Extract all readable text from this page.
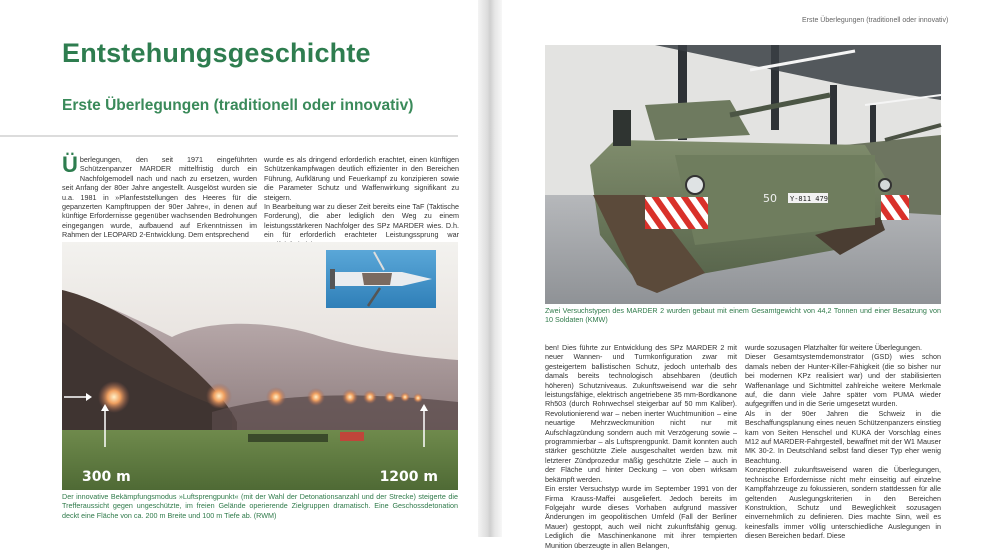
Entstehungsgeschichte
Erste Überlegungen (traditionell oder innovativ)

Überlegungen, den seit 1971 eingeführten Schützenpanzer MARDER mittelfristig durch ein Nachfolgemodell nach und nach zu ersetzen, wurden seit Anfang der 80er Jahre angestellt. Ausgelöst wurden sie u.a. 1981 in »Planfeststellungen des Heeres für die gepanzerten Kampftruppen der 90er Jahre«, in denen auf künftige Erfordernisse gegenüber wachsenden Bedrohungen eingegangen wurde, aufbauend auf Erkenntnissen im Rahmen der LEOPARD 2-Entwicklung. Dem entsprechend

wurde es als dringend erforderlich erachtet, einen künftigen Schützenkampfwagen deutlich effizienter in den Bereichen Führung, Aufklärung und Feuerkampf zu konzipieren sowie die Parameter Schutz und Waffenwirkung signifikant zu steigern.

In Bearbeitung war zu dieser Zeit bereits eine TaF (Taktische Forderung), die aber lediglich den Weg zu einem leistungsstärkeren Nachfolger des SPz MARDER wies. D.h. ein für erforderlich erachteter Leistungssprung war

300 m	1200 m
Der innovative Bekämpfungsmodus »Luftsprengpunkt« (mit der Wahl der Detonationsanzahl und der Strecke) steigerte die Trefferaussicht gegen ungeschützte, im freien Gelände operierende Zielgruppen dramatisch. Eine Geschossdetonation deckt eine Fläche von ca. 200 m Breite und 100 m Tiefe ab. (RWM)
Erste Überlegungen (traditionell oder innovativ)
50 Y-811 479
Zwei Versuchstypen des MARDER 2 wurden gebaut mit einem Gesamtgewicht von 44,2 Tonnen und einer Besatzung von 10 Soldaten (KMW)

ben! Dies führte zur Entwicklung des SPz MARDER 2 mit neuer Wannen- und Turmkonfiguration zwar mit gesteigertem ballistischen Schutz, jedoch unterhalb des damals bereits technologisch absehbaren (deutlich höheren) Schutzniveaus. Zukunftsweisend war die sehr leistungsfähige, elektrisch angetriebene 35 mm-Bordkanone Rh503 (durch Rohrwechsel steigerbar auf 50 mm Kaliber). Revolutionierend war – neben inerter Wuchtmunition – eine neuartige Mehrzweckmunition nicht nur mit Aufschlagzündung sondern auch mit Verzögerung sowie – programmierbar – als Luftsprengpunkt. Damit konnten auch stärker geschützte Ziele ausgeschaltet werden bzw. mit letzterer Zündprozedur mäßig geschützte Ziele – auch in der Fläche und hinter Deckung – von oben wirksam bekämpft werden.

Ein erster Versuchstyp wurde im September 1991 von der Firma Krauss-Maffei ausgeliefert. Jedoch bereits im Folgejahr wurde dieses Vorhaben aufgrund massiver Änderungen im geopolitischen Umfeld (Fall der Berliner Mauer) gestoppt, auch weil nicht zukunftsfähig genug. Lediglich die Maschinenkanone mit ihrer tempierten Munition überzeugte in allen Belangen,

wurde sozusagen Platzhalter für weitere Überlegungen.

Dieser Gesamtsystemdemonstrator (GSD) wies schon damals neben der Hunter-Killer-Fähigkeit (die so bisher nur bei modernen KPz realisiert war) und der stabilisierten Waffenanlage und Sichtmittel zahlreiche weitere Merkmale auf, die dann viele Jahre später vom PUMA wieder aufgegriffen und in die Serie umgesetzt wurden.

Als in der 90er Jahren die Schweiz in die Beschaffungsplanung eines neuen Schützenpanzers einstieg kam von Seiten Henschel und KUKA der Vorschlag eines M12 auf MARDER-Fahrgestell, bewaffnet mit der W1 Mauser MK 30-2. In Deutschland selbst fand dieser Typ eher wenig Beachtung.

Konzeptionell zukunftsweisend waren die Überlegungen, technische Erfordernisse nicht mehr einseitig auf einzelne Kampffahrzeuge zu fokussieren, sondern stattdessen für alle geltenden Auslegungskriterien in den Bereichen Konstruktion, Schutz und Beweglichkeit sozusagen einvernehmlich zu definieren. Dies machte Sinn, weil es keinesfalls immer völlig unterschiedliche Auslegungen in diesen Bereichen bedarf. Diese
